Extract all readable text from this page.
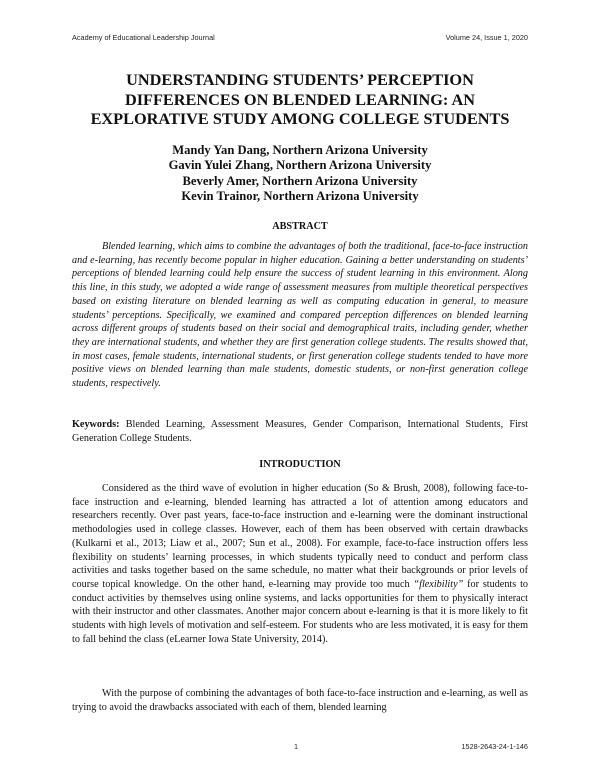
Academy of Educational Leadership Journal	Volume 24, Issue 1, 2020
UNDERSTANDING STUDENTS’ PERCEPTION DIFFERENCES ON BLENDED LEARNING: AN EXPLORATIVE STUDY AMONG COLLEGE STUDENTS
Mandy Yan Dang, Northern Arizona University
Gavin Yulei Zhang, Northern Arizona University
Beverly Amer, Northern Arizona University
Kevin Trainor, Northern Arizona University
ABSTRACT

Blended learning, which aims to combine the advantages of both the traditional, face-to-face instruction and e-learning, has recently become popular in higher education. Gaining a better understanding on students’ perceptions of blended learning could help ensure the success of student learning in this environment. Along this line, in this study, we adopted a wide range of assessment measures from multiple theoretical perspectives based on existing literature on blended learning as well as computing education in general, to measure students’ perceptions. Specifically, we examined and compared perception differences on blended learning across different groups of students based on their social and demographical traits, including gender, whether they are international students, and whether they are first generation college students. The results showed that, in most cases, female students, international students, or first generation college students tended to have more positive views on blended learning than male students, domestic students, or non-first generation college students, respectively.

Keywords: Blended Learning, Assessment Measures, Gender Comparison, International Students, First Generation College Students.

INTRODUCTION

Considered as the third wave of evolution in higher education (So & Brush, 2008), following face-to-face instruction and e-learning, blended learning has attracted a lot of attention among educators and researchers recently. Over past years, face-to-face instruction and e-learning were the dominant instructional methodologies used in college classes. However, each of them has been observed with certain drawbacks (Kulkarni et al., 2013; Liaw et al., 2007; Sun et al., 2008). For example, face-to-face instruction offers less flexibility on students’ learning processes, in which students typically need to conduct and perform class activities and tasks together based on the same schedule, no matter what their backgrounds or prior levels of course topical knowledge. On the other hand, e-learning may provide too much “flexibility” for students to conduct activities by themselves using online systems, and lacks opportunities for them to physically interact with their instructor and other classmates. Another major concern about e-learning is that it is more likely to fit students with high levels of motivation and self-esteem. For students who are less motivated, it is easy for them to fall behind the class (eLearner Iowa State University, 2014).

With the purpose of combining the advantages of both face-to-face instruction and e-learning, as well as trying to avoid the drawbacks associated with each of them, blended learning

1	1528-2643-24-1-146
